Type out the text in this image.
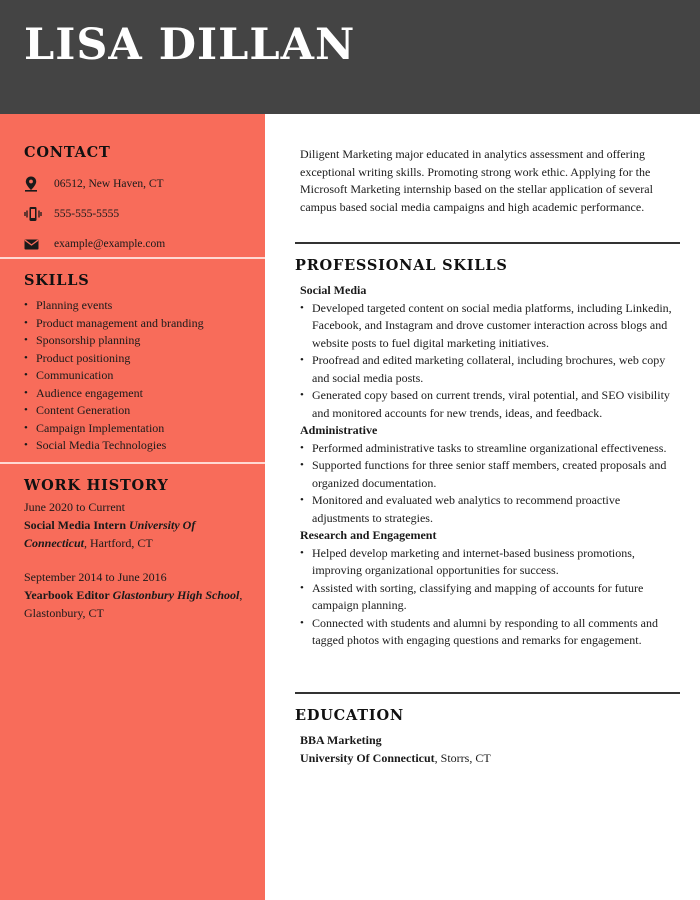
LISA DILLAN
CONTACT
06512, New Haven, CT
555-555-5555
example@example.com
SKILLS
• Planning events
• Product management and branding
• Sponsorship planning
• Product positioning
• Communication
• Audience engagement
• Content Generation
• Campaign Implementation
• Social Media Technologies
WORK HISTORY
June 2020 to Current
Social Media Intern University Of Connecticut, Hartford, CT
September 2014 to June 2016
Yearbook Editor Glastonbury High School, Glastonbury, CT
Diligent Marketing major educated in analytics assessment and offering exceptional writing skills. Promoting strong work ethic. Applying for the Microsoft Marketing internship based on the stellar application of several campus based social media campaigns and high academic performance.
PROFESSIONAL SKILLS
Social Media
• Developed targeted content on social media platforms, including Linkedin, Facebook, and Instagram and drove customer interaction across blogs and website posts to fuel digital marketing initiatives.
• Proofread and edited marketing collateral, including brochures, web copy and social media posts.
• Generated copy based on current trends, viral potential, and SEO visibility and monitored accounts for new trends, ideas, and feedback.
Administrative
• Performed administrative tasks to streamline organizational effectiveness.
• Supported functions for three senior staff members, created proposals and organized documentation.
• Monitored and evaluated web analytics to recommend proactive adjustments to strategies.
Research and Engagement
• Helped develop marketing and internet-based business promotions, improving organizational opportunities for success.
• Assisted with sorting, classifying and mapping of accounts for future campaign planning.
• Connected with students and alumni by responding to all comments and tagged photos with engaging questions and remarks for engagement.
EDUCATION
BBA Marketing
University Of Connecticut, Storrs, CT
